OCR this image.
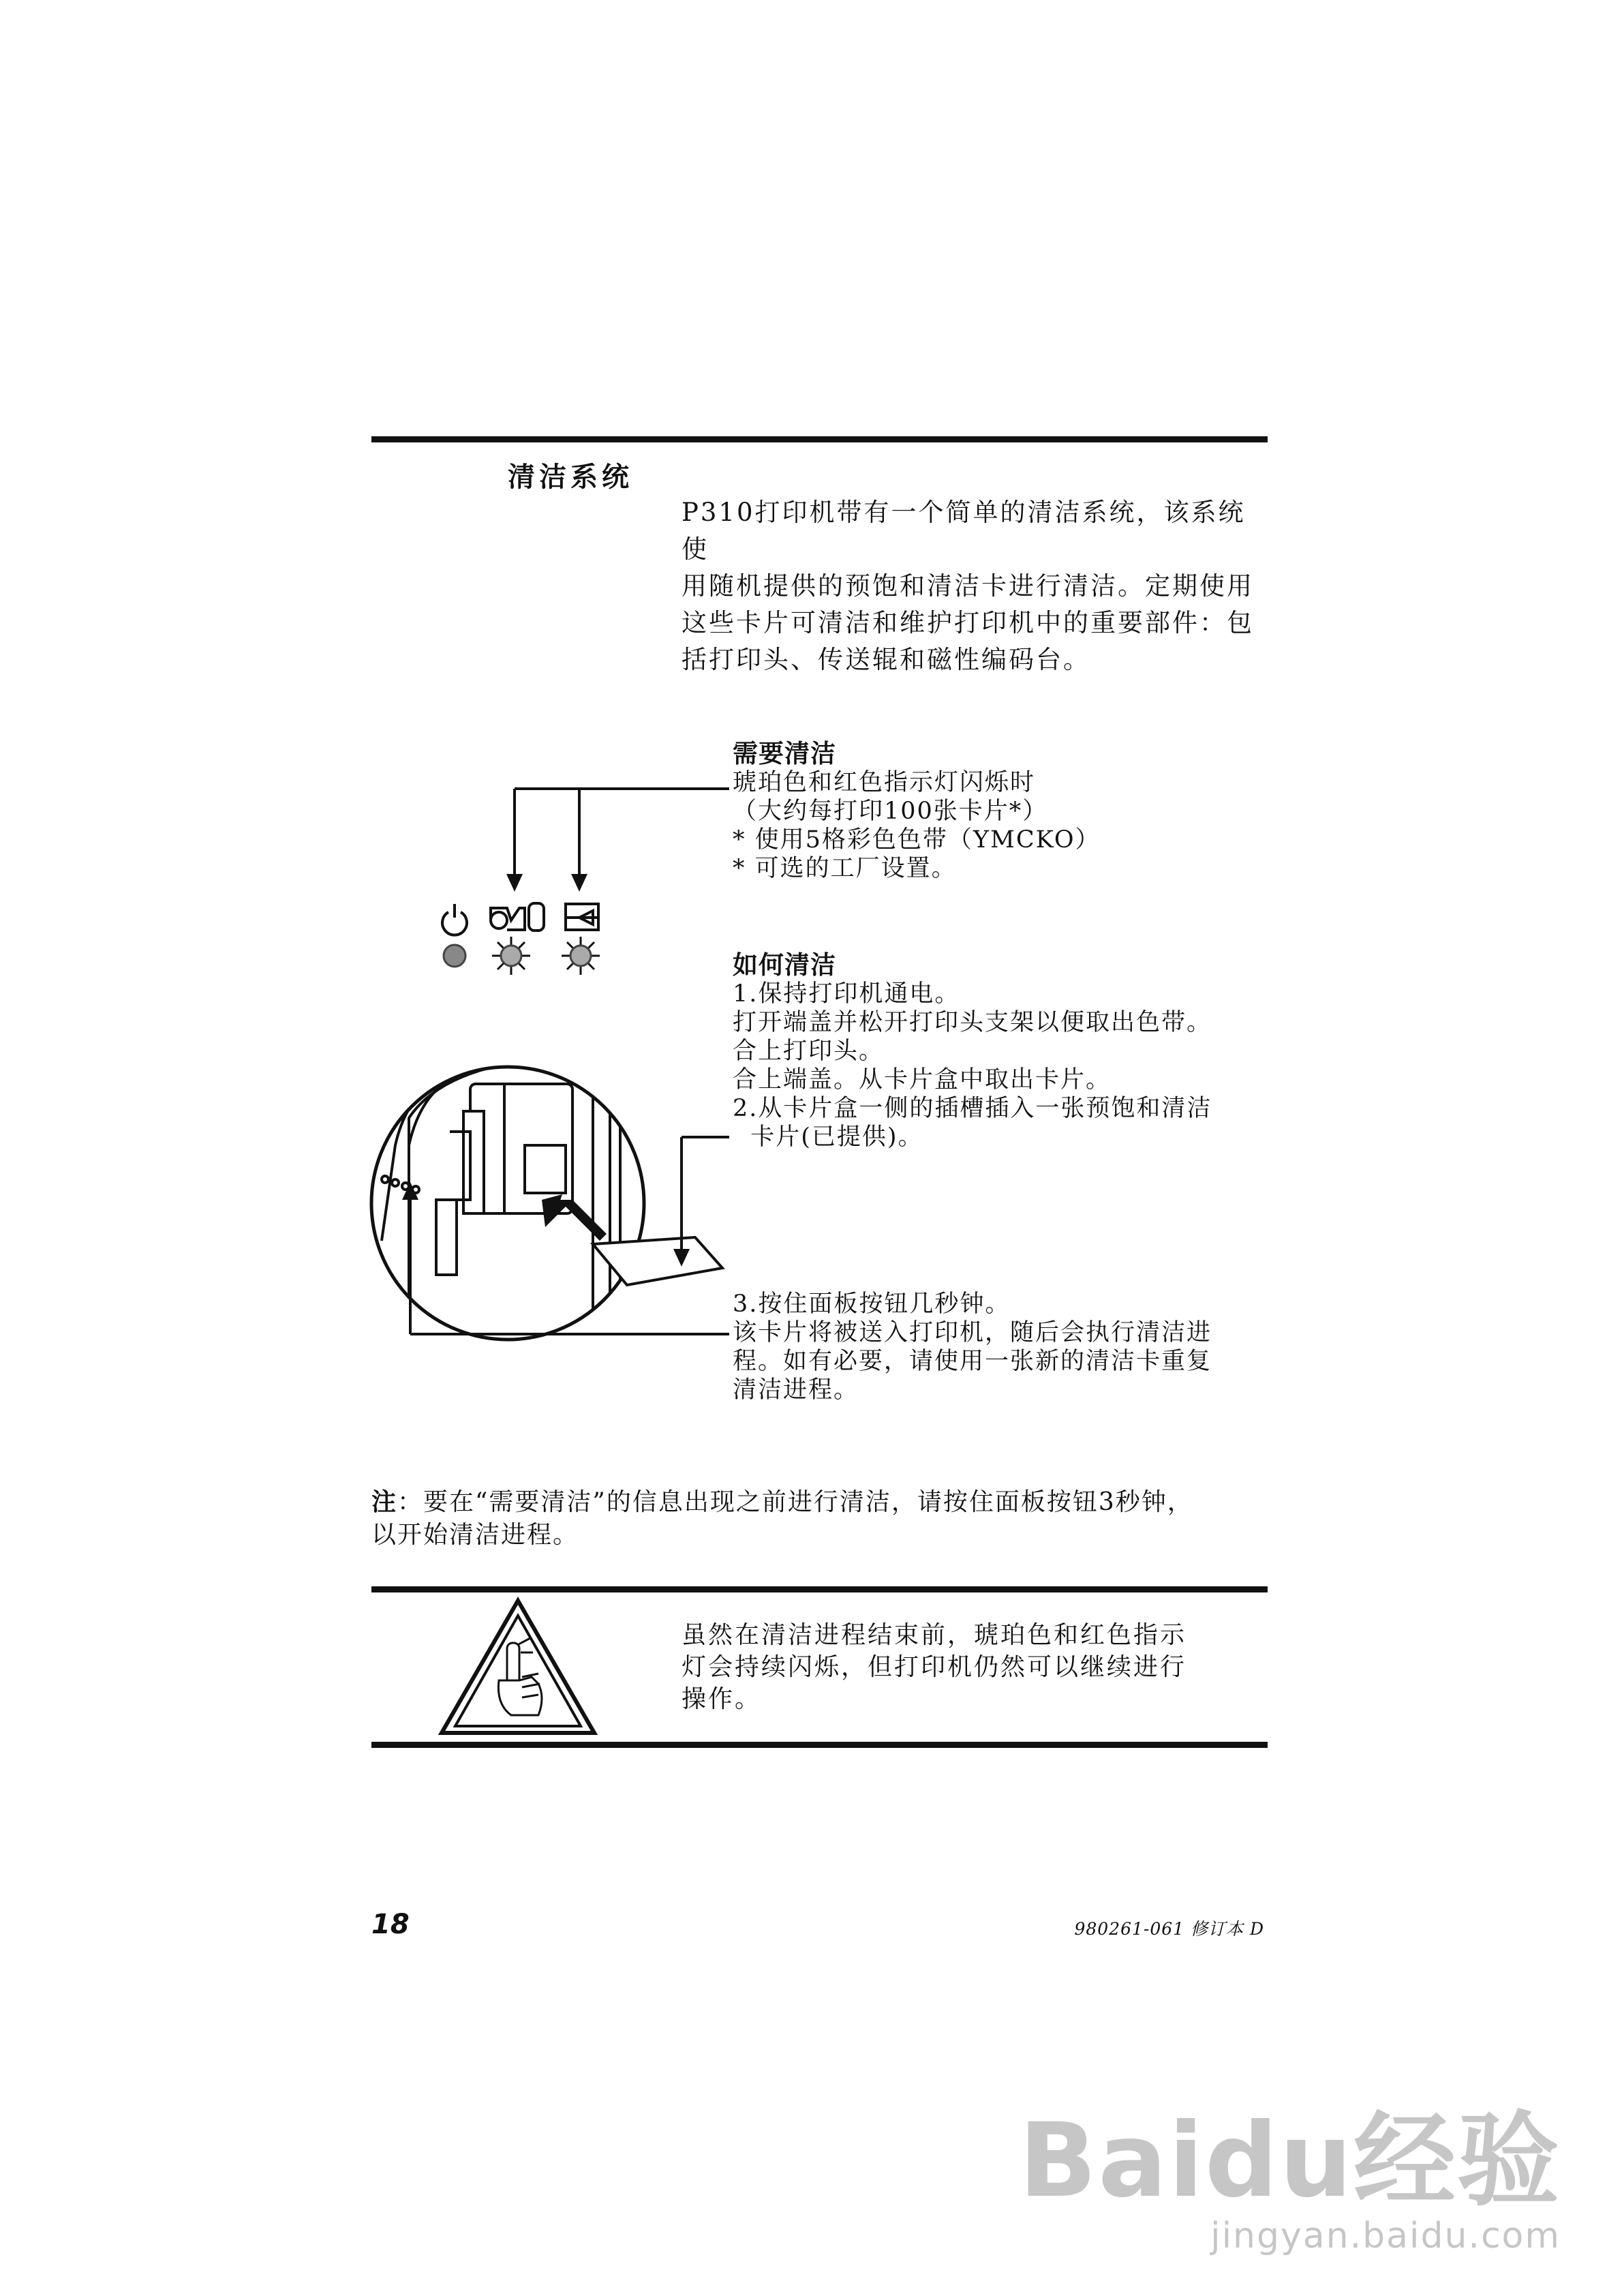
清洁系统

P310打印机带有一个简单的清洁系统，该系统使

用随机提供的预饱和清洁卡进行清洁。定期使用

这些卡片可清洁和维护打印机中的重要部件：包

括打印头、传送辊和磁性编码台。

需要清洁

琥珀色和红色指示灯闪烁时

（大约每打印100张卡片*）

* 使用5格彩色色带（YMCKO）

* 可选的工厂设置。

如何清洁

1.保持打印机通电。

打开端盖并松开打印头支架以便取出色带。

合上打印头。

合上端盖。从卡片盒中取出卡片。

2.从卡片盒一侧的插槽插入一张预饱和清洁

卡片(已提供)。

3.按住面板按钮几秒钟。

该卡片将被送入打印机，随后会执行清洁进

程。如有必要，请使用一张新的清洁卡重复

清洁进程。

注：要在“需要清洁”的信息出现之前进行清洁，请按住面板按钮3秒钟，

以开始清洁进程。

虽然在清洁进程结束前，琥珀色和红色指示

灯会持续闪烁，但打印机仍然可以继续进行

操作。

18	980261-061 修订本 D
Baidu经验
jingyan.baidu.com
